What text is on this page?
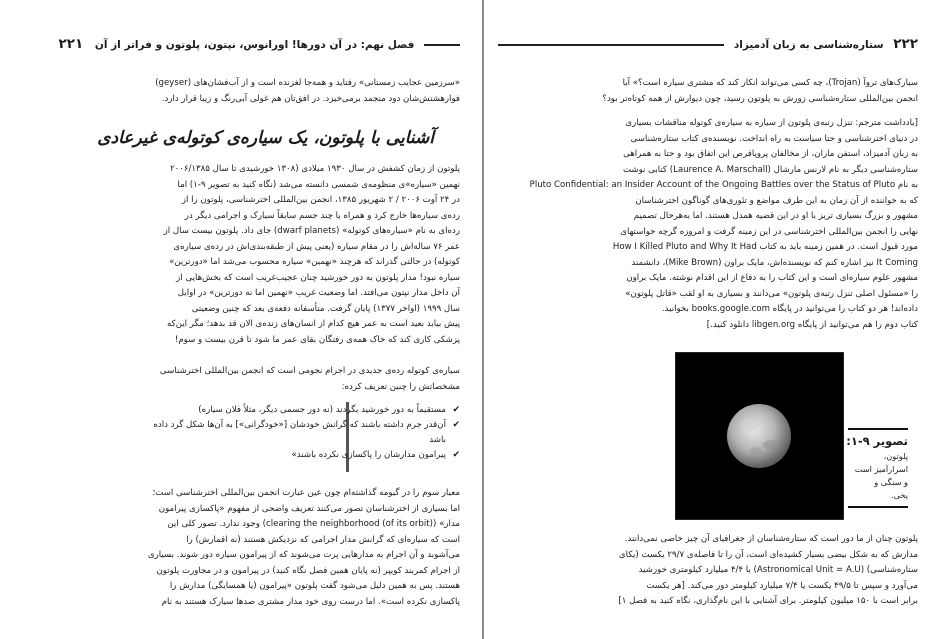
فصل نهم: در آن دورها! اورانوس، نپتون، پلوتون و فراتر از آن ۲۲۱
«سرزمین عجایب زمستانی» رفتاید و همه‌جا لغزنده است و از آب‌فشان‌های (geyser)
فوارهشتش‌شان دود منجمد برمی‌خیزد. در افق‌تان هم غولی آبی‌رنگ و زیبا قرار دارد.
آشنایی با پلوتون، یک سیاره‌ی کوتوله‌ی غیرعادی
پلوتون از زمان کشفش در سال ۱۹۳۰ میلادی (۱۳۰۸ خورشیدی تا سال ۲۰۰۶/۱۳۸۵
نهمین «سیاره»ی منظومه‌ی شمسی دانسته می‌شد (نگاه کنید به تصویر ۹-۱) اما
در ۲۴ آوت ۲۰۰۶ / ۲ شهریور ۱۳۸۵، انجمن بین‌المللی اخترشناسی، پلوتون را از
رده‌ی سیاره‌ها خارج کرد و همراه با چند جسم سابقاً سیارک و اجرامی دیگر در
رده‌ای به نام «سیاره‌های کوتوله» (dwarf planets) جای داد. پلوتون بیست سال از
عمر ۷۶ ساله‌اش را در مقام سیاره (یعنی پیش از طبقه‌بندی‌اش در رده‌ی سیاره‌ی
کوتوله) در حالتی گذراند که هرچند «نهمین» سیاره محسوب می‌شد اما «دورترین»
سیاره نبود! مدار پلوتون به دور خورشید چنان عجیب‌غریب است که بخش‌هایی از
آن داخل مدار نپتون می‌افتد. اما وضعیت غریب «نهمین اما نه دورترین» در اوایل
سال ۱۹۹۹ (اواخر ۱۳۷۷) پایان گرفت. متأسفانه دفعه‌ی بعد که چنین وضعیتی
پیش بیاید بعید است به عمر هیچ کدام از انسان‌های زنده‌ی الان قد بدهد؛ مگر این‌که
پزشکی کاری کند که خاک همه‌ی رفتگان بقای عمر ما شود تا قرن بیست و سوم!
سیاره‌ی کوتوله رده‌ی جدیدی در اجرام نجومی است که انجمن بین‌المللی اخترشناسی
مشخصاتش را چنین تعریف کرده:
✔
مستقیماً به دور خورشید بگردند (نه دور جسمی دیگر، مثلاً فلان سیاره)
✔
آن‌قدر جرم داشته باشند که گرانش خودشان [«خودگرانی»] به آن‌ها شکل گرد داده باشد
✔
پیرامون مدارشان را پاکسازی نکرده باشند»
معیار سوم را در گیومه گذاشته‌ام چون عین عبارت انجمن بین‌المللی اخترشناسی است؛
اما بسیاری از اخترشناسان تصور می‌کنند تعریف واضحی از مفهوم «پاکسازی پیرامون
مدار» (clearing the neighborhood (of its orbit)) وجود ندارد. تصور کلی این
است که سیاره‌ای که گرانش مدار اجرامی که نزدیکش هستند (نه اقمارش) را
می‌آشوبد و آن اجرام به مدارهایی پرت می‌شوند که از پیرامون سیاره دور شوند. بسیاری
از اجرام کمربند کویپر (نه پایان همین فصل نگاه کنید) در پیرامون و در مجاورت پلوتون
هستند. پس به همین دلیل می‌شود گفت پلوتون «پیرامون (یا همسایگی) مدارش را
پاکسازی نکرده است». اما درست روی خود مدار مشتری صدها سیارک هستند به نام
۲۲۲ ستاره‌شناسی به زبان آدمیزاد
سیارک‌های تروآ (Trojan)، چه کسی می‌تواند انکار کند که مشتری سیاره است؟» آیا
انجمن بین‌المللی ستاره‌شناسی زورش به پلوتون رسید، چون دیوارش از همه کوتاه‌تر بود؟
[یادداشت مترجم: تنزل رتبه‌ی پلوتون از سیاره به سیاره‌ی کوتوله مناقشات بسیاری
در دنیای اخترشناسی و حتا سیاست به راه انداخت. نویسنده‌ی کتاب ستاره‌شناسی
به زبان آدمیزاد، استفن ماران، از مخالفان پروپاقرص این اتفاق بود و حتا به همراهی
ستاره‌شناسی دیگر به نام لارنس مارشال (Laurence A. Marschall) کتابی نوشت
به نام Pluto Confidential: an Insider Account of the Ongoing Battles over the Status of Pluto
که به خواننده از آن زمان به این طرف مواضع و تئوری‌های گوناگون اخترشناسان
مشهور و بزرگ بسیاری تریز با او در این قضیه همدل هستند. اما به‌هرحال تصمیم
نهایی را انجمن بین‌المللی اخترشناسی در این زمینه گرفت و امروزه گرچه خواستهای
مورد قبول است. در همین زمینه باید به کتاب How I Killed Pluto and Why It Had
It Coming نیز اشاره کنم که نویسنده‌اش، مایک براون (Mike Brown)، دانشمند
مشهور علوم سیاره‌ای است و این کتاب را به دفاع از این اقدام نوشته. مایک براون
را «مسئول اصلی تنزل رتبه‌ی پلوتون» می‌دانند و بسیاری به او لقب «قاتل پلوتون»
داده‌اند! هر دو کتاب را می‌توانید در پایگاه books.google.com بخوانید.
کتاب دوم را هم می‌توانید از پایگاه libgen.org دانلود کنید.]
تصویر ۹-۱:
پلوتون،
اسرارآمیز است
و سنگی و
یخی.
پلوتون چنان از ما دور است که ستاره‌شناسان از جغرافیای آن چیز خاصی نمی‌دانند.
مدارش که به شکل بیضی بسیار کشیده‌ای است، آن را تا فاصله‌ی ۲۹/۷ یکست (یکای
ستاره‌شناسی) (Astronomical Unit = A.U) یا ۴/۴ میلیارد کیلومتری خورشید
می‌آورد و سپس تا ۴۹/۵ یکست یا ۷/۴ میلیارد کیلومتر دور می‌کند. [هر یکست
برابر است با ۱۵۰ میلیون کیلومتر. برای آشنایی با این نام‌گذاری، نگاه کنید به فصل ۱]
